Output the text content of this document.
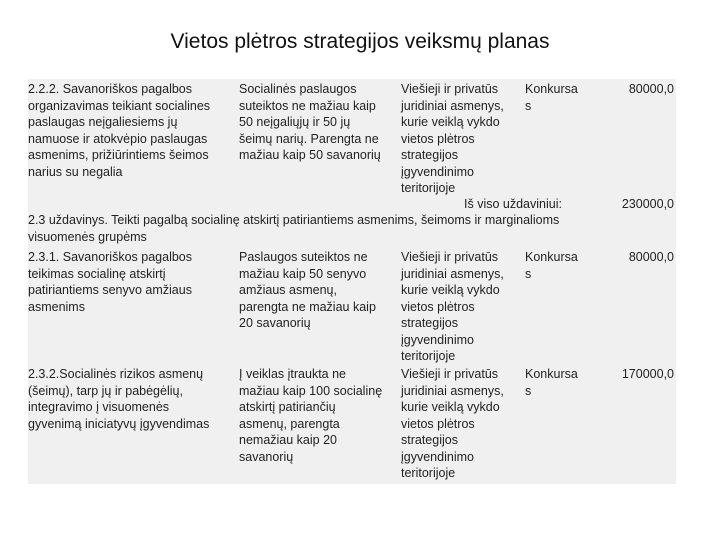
Vietos plėtros strategijos veiksmų planas
2.2.2. Savanoriškos pagalbos
organizavimas teikiant socialines
paslaugas neįgaliesiems jų
namuose ir atokvėpio paslaugas
asmenims, prižiūrintiems šeimos
narius su negalia
Socialinės paslaugos
suteiktos ne mažiau kaip
50 neįgaliųjų ir 50 jų
šeimų narių. Parengta ne
mažiau kaip 50 savanorių
Viešieji ir privatūs
juridiniai asmenys,
kurie veiklą vykdo
vietos plėtros
strategijos
įgyvendinimo
teritorijoje
Konkursa
s
80000,0
Iš viso uždaviniui:	230000,0
2.3 uždavinys. Teikti pagalbą socialinę atskirtį patiriantiems asmenims, šeimoms ir marginalioms
visuomenės grupėms
2.3.1. Savanoriškos pagalbos
teikimas socialinę atskirtį
patiriantiems senyvo amžiaus
asmenims
Paslaugos suteiktos ne
mažiau kaip 50 senyvo
amžiaus asmenų,
parengta ne mažiau kaip
20 savanorių
Viešieji ir privatūs
juridiniai asmenys,
kurie veiklą vykdo
vietos plėtros
strategijos
įgyvendinimo
teritorijoje
Konkursa
s
80000,0
2.3.2.Socialinės rizikos asmenų
(šeimų), tarp jų ir pabėgėlių,
integravimo į visuomenės
gyvenimą iniciatyvų įgyvendimas
Į veiklas įtraukta ne
mažiau kaip 100 socialinę
atskirtį patiriančių
asmenų, parengta
nemažiau kaip 20
savanorių
Viešieji ir privatūs
juridiniai asmenys,
kurie veiklą vykdo
vietos plėtros
strategijos
įgyvendinimo
teritorijoje
Konkursa
s
170000,0
